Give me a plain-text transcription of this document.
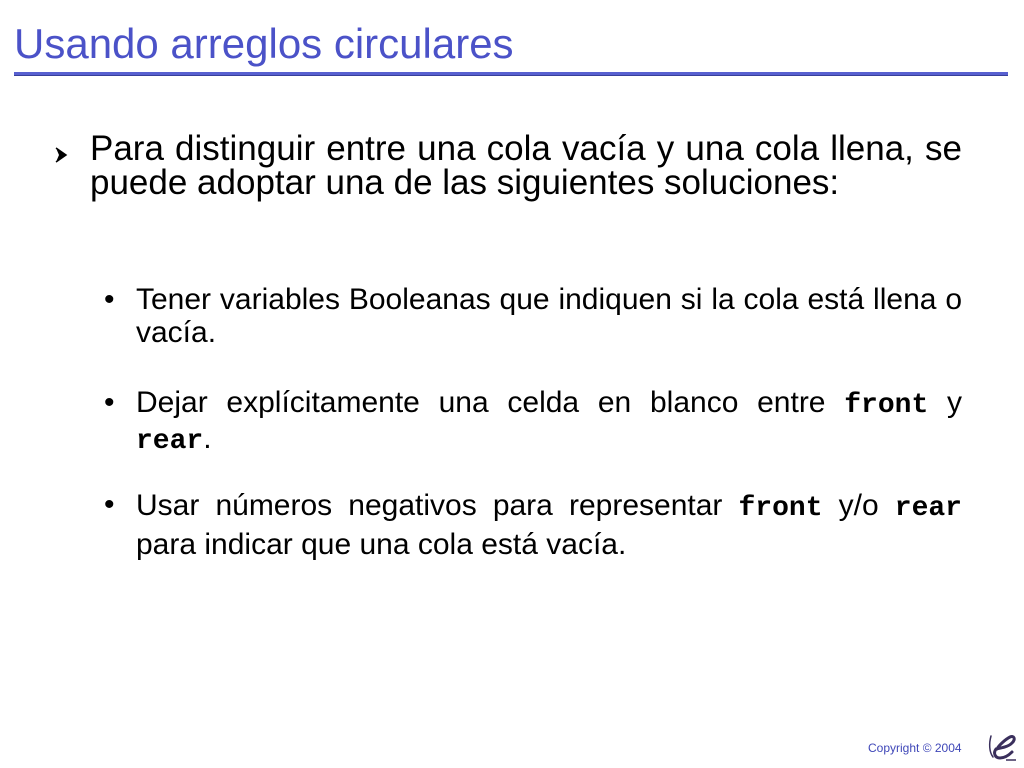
Usando arreglos circulares

Para distinguir entre una cola vacía y una cola llena, se puede adoptar una de las siguientes soluciones:

• Tener variables Booleanas que indiquen si la cola está llena o vacía.

• Dejar explícitamente una celda en blanco entre front y rear.

• Usar números negativos para representar front y/o rear para indicar que una cola está vacía.

Copyright © 2004
